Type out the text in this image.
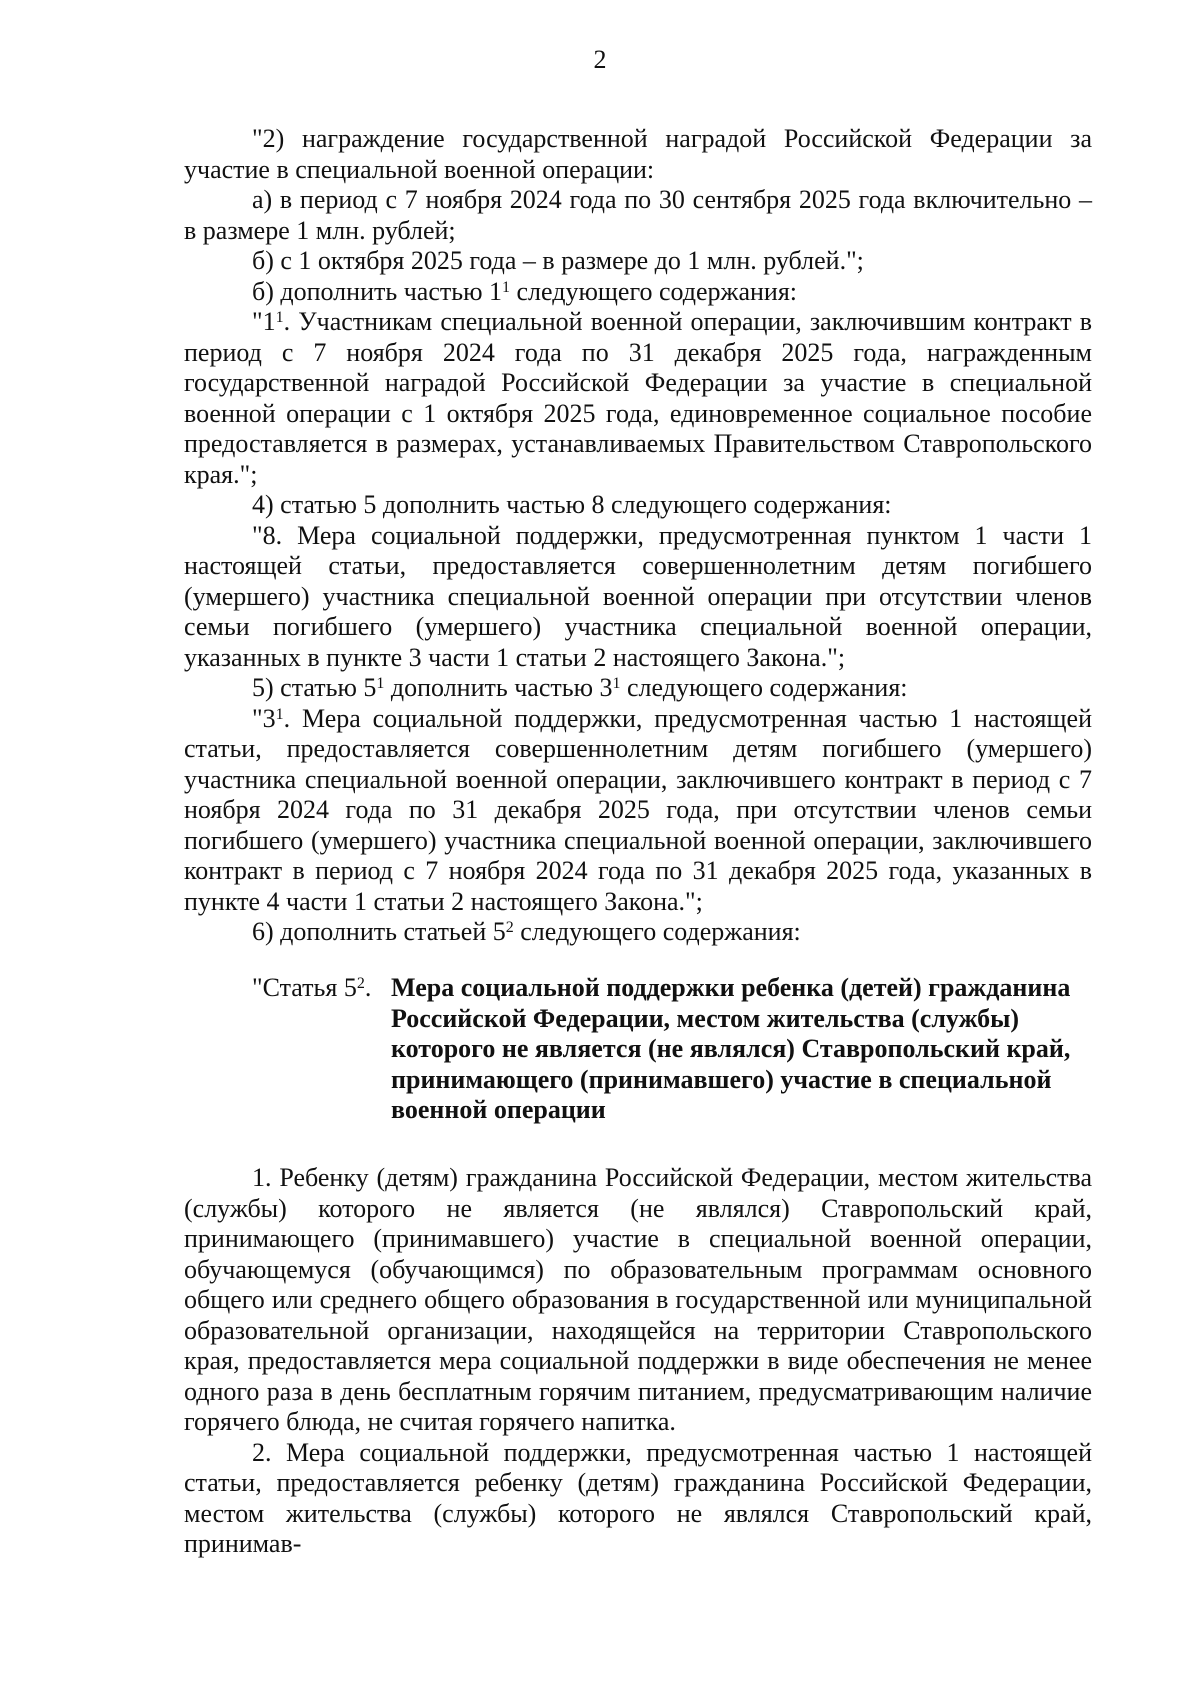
2

"2) награждение государственной наградой Российской Федерации за участие в специальной военной операции:

а) в период с 7 ноября 2024 года по 30 сентября 2025 года включительно – в размере 1 млн. рублей;

б) с 1 октября 2025 года – в размере до 1 млн. рублей.";

б) дополнить частью $1^1$ следующего содержания:

"$1^1$. Участникам специальной военной операции, заключившим контракт в период с 7 ноября 2024 года по 31 декабря 2025 года, награжденным государственной наградой Российской Федерации за участие в специальной военной операции с 1 октября 2025 года, единовременное социальное пособие предоставляется в размерах, устанавливаемых Правительством Ставропольского края.";

4) статью 5 дополнить частью 8 следующего содержания:

"8. Мера социальной поддержки, предусмотренная пунктом 1 части 1 настоящей статьи, предоставляется совершеннолетним детям погибшего (умершего) участника специальной военной операции при отсутствии членов семьи погибшего (умершего) участника специальной военной операции, указанных в пункте 3 части 1 статьи 2 настоящего Закона.";

5) статью $5^1$ дополнить частью $3^1$ следующего содержания:

"$3^1$. Мера социальной поддержки, предусмотренная частью 1 настоящей статьи, предоставляется совершеннолетним детям погибшего (умершего) участника специальной военной операции, заключившего контракт в период с 7 ноября 2024 года по 31 декабря 2025 года, при отсутствии членов семьи погибшего (умершего) участника специальной военной операции, заключившего контракт в период с 7 ноября 2024 года по 31 декабря 2025 года, указанных в пункте 4 части 1 статьи 2 настоящего Закона.";

6) дополнить статьей $5^2$ следующего содержания:

"Статья $5^2$. Мера социальной поддержки ребенка (детей) гражданина Российской Федерации, местом жительства (службы) которого не является (не являлся) Ставропольский край, принимающего (принимавшего) участие в специальной военной операции

1. Ребенку (детям) гражданина Российской Федерации, местом жительства (службы) которого не является (не являлся) Ставропольский край, принимающего (принимавшего) участие в специальной военной операции, обучающемуся (обучающимся) по образовательным программам основного общего или среднего общего образования в государственной или муниципальной образовательной организации, находящейся на территории Ставропольского края, предоставляется мера социальной поддержки в виде обеспечения не менее одного раза в день бесплатным горячим питанием, предусматривающим наличие горячего блюда, не считая горячего напитка.

2. Мера социальной поддержки, предусмотренная частью 1 настоящей статьи, предоставляется ребенку (детям) гражданина Российской Федерации, местом жительства (службы) которого не являлся Ставропольский край, принимав-
